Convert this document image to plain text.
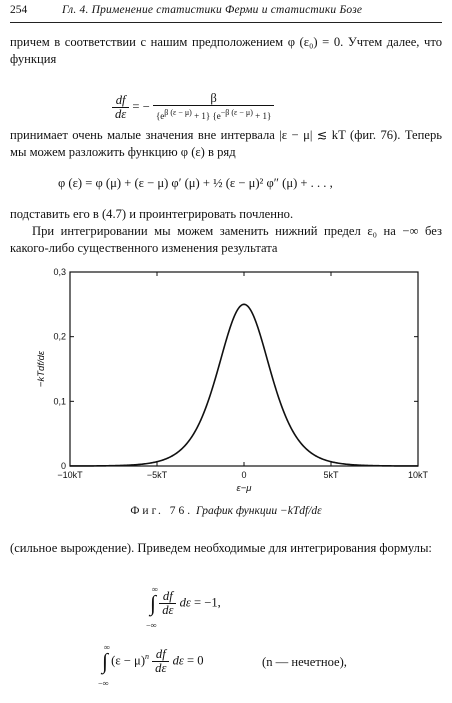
254	Гл. 4. Применение статистики Ферми и статистики Бозе
причем в соответствии с нашим предположением φ (ε₀) = 0. Учтем далее, что функция
$\frac{df}{d\varepsilon}$ = − $\frac{\beta}{\{e\beta (\varepsilon - \mu) + 1\} \{e-\beta (\varepsilon - \mu) + 1\}}$
принимает очень малые значения вне интервала |ε − μ| ≲ kT (фиг. 76). Теперь мы можем разложить функцию φ (ε) в ряд
φ (ε) = φ (μ) + (ε − μ) φ′ (μ) + ½ (ε − μ)² φ″ (μ) + . . . ,
подставить его в (4.7) и проинтегрировать почленно.
При интегрировании мы можем заменить нижний предел ε₀ на −∞ без какого-либо существенного изменения результата
−10kT	−5kT	0	5kT	10kT
0
0,1
0,2
0,3
ε−μ
−kTdf/dε
Фиг. 76. График функции −kTdf/dε
(сильное вырождение). Приведем необходимые для интегрирования формулы:
∞
−∞
∫ $\frac{df}{d\varepsilon}$ dε = −1,
∞
−∞
∫ $(\varepsilon - \mu)^n \frac{df}{d\varepsilon}$ dε = 0	(n — нечетное),
